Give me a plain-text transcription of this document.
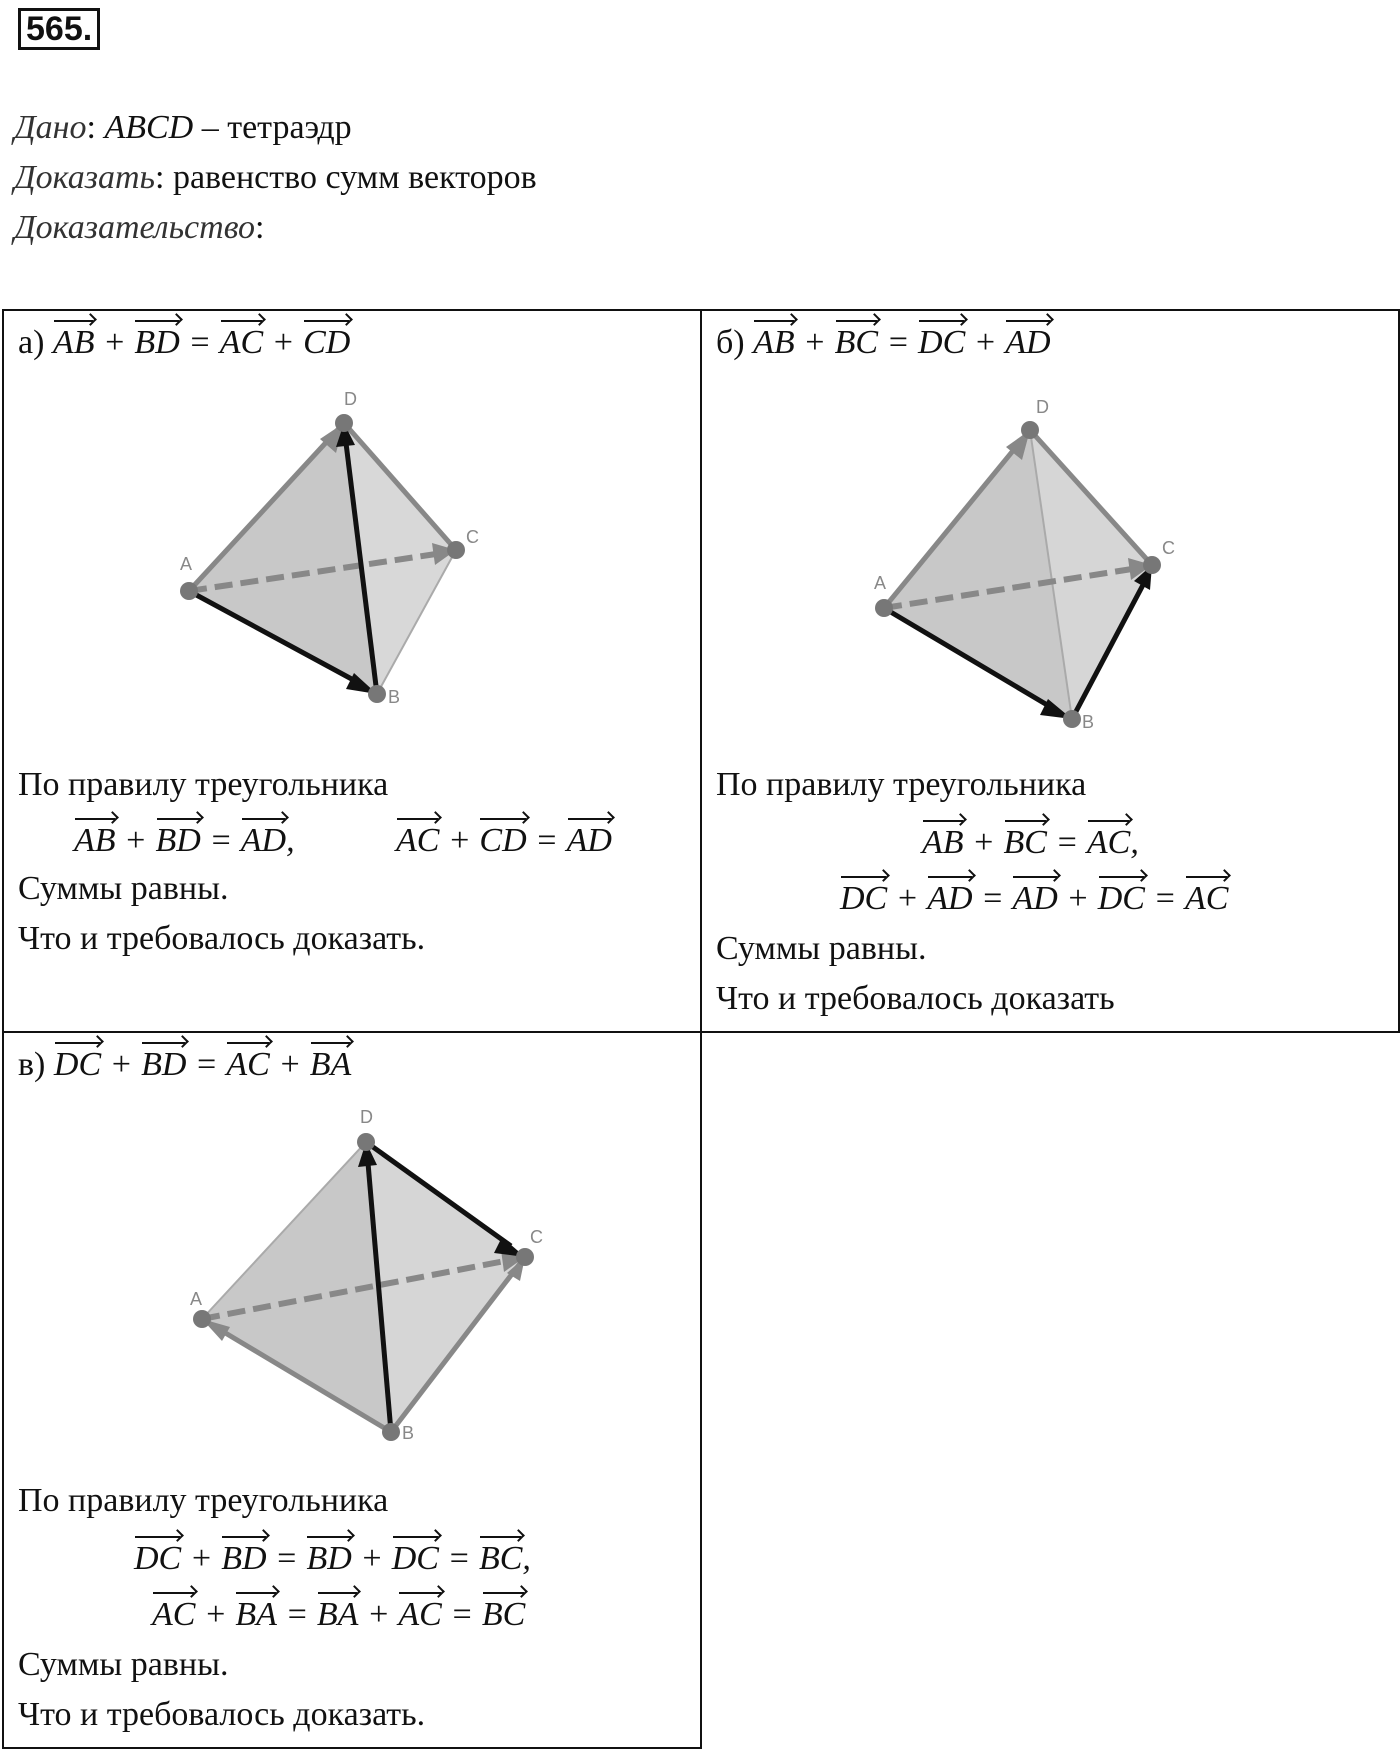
565.
Дано: ABCD – тетраэдр
Доказать: равенство сумм векторов
Доказательство:
а) AB + BD = AC + CD
A
B
C
D
По правилу треугольника
AB + BD = AD,	AC + CD = AD
Суммы равны.
Что и требовалось доказать.
б) AB + BC = DC + AD
A
B
C
D
По правилу треугольника
AB + BC = AC,
DC + AD = AD + DC = AC
Суммы равны.
Что и требовалось доказать
в) DC + BD = AC + BA
A
B
C
D
По правилу треугольника
DC + BD = BD + DC = BC,
AC + BA = BA + AC = BC
Суммы равны.
Что и требовалось доказать.
